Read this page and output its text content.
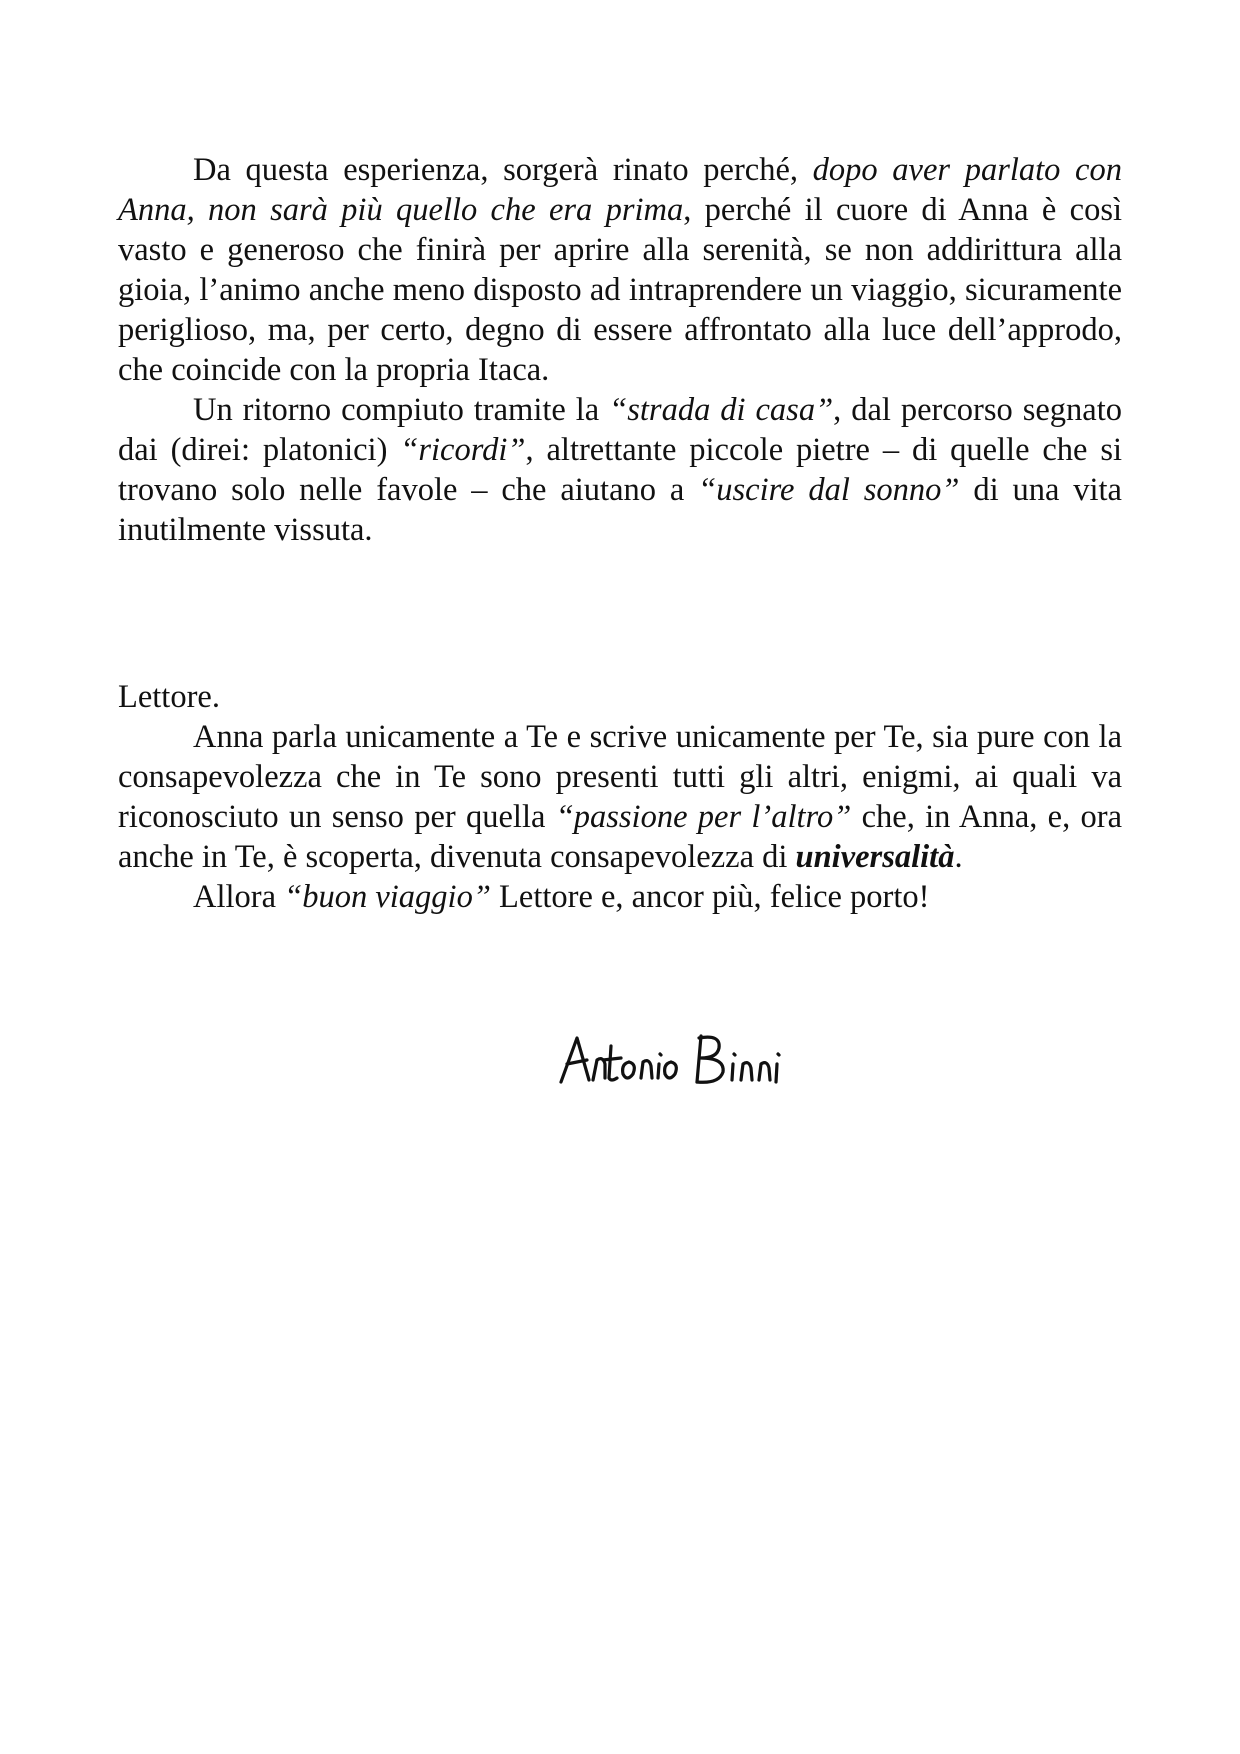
Da questa esperienza, sorgerà rinato perché, dopo aver parlato con Anna, non sarà più quello che era prima, perché il cuore di Anna è così vasto e generoso che finirà per aprire alla serenità, se non addirittura alla gioia, l’animo anche meno disposto ad intraprendere un viaggio, sicuramente periglioso, ma, per certo, degno di essere affrontato alla luce dell’approdo, che coincide con la propria Itaca.

Un ritorno compiuto tramite la “strada di casa”, dal percorso segnato dai (direi: platonici) “ricordi”, altrettante piccole pietre – di quelle che si trovano solo nelle favole – che aiutano a “uscire dal sonno” di una vita inutilmente vissuta.

Lettore.

Anna parla unicamente a Te e scrive unicamente per Te, sia pure con la consapevolezza che in Te sono presenti tutti gli altri, enigmi, ai quali va riconosciuto un senso per quella “passione per l’altro” che, in Anna, e, ora anche in Te, è scoperta, divenuta consapevolezza di universalità.

Allora “buon viaggio” Lettore e, ancor più, felice porto!
